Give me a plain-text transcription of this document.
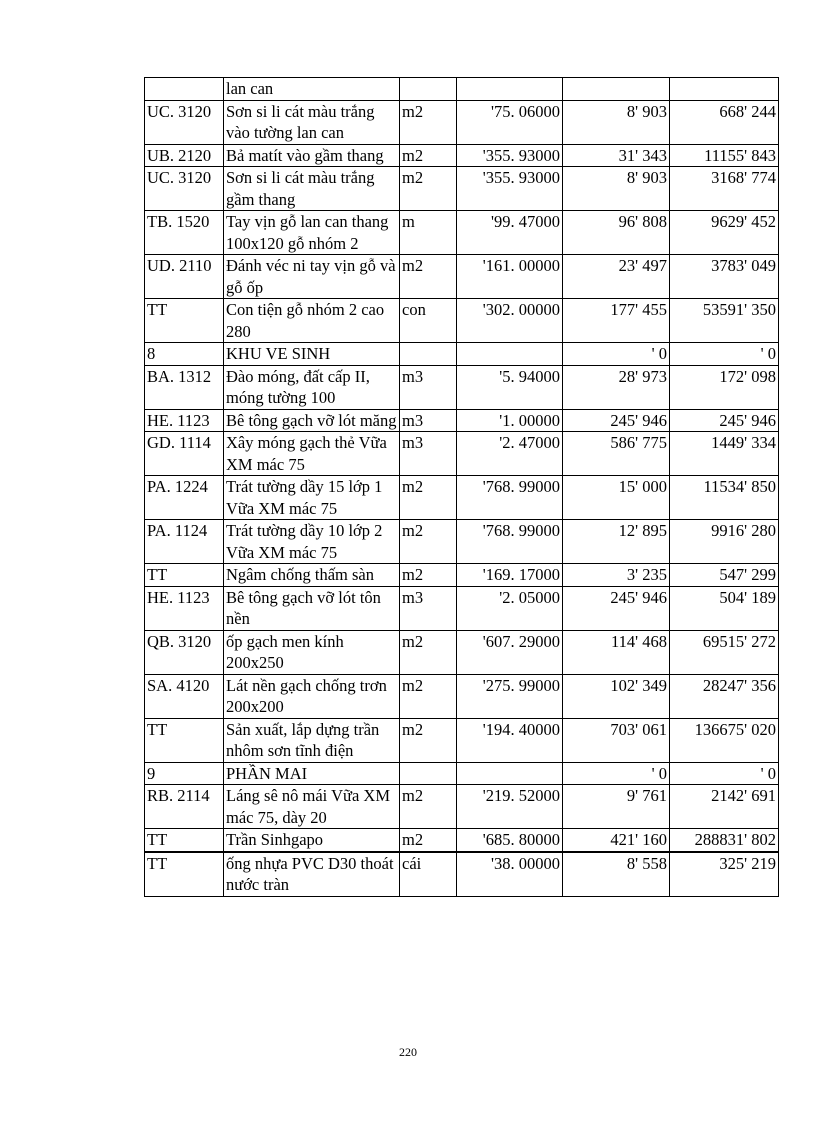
	lan can				
UC. 3120	Sơn si li cát màu trắng vào tường lan can	m2	'75. 06000	8' 903	668' 244
UB. 2120	Bả matít vào gầm thang	m2	'355. 93000	31' 343	11155' 843
UC. 3120	Sơn si li cát màu trắng gầm thang	m2	'355. 93000	8' 903	3168' 774
TB. 1520	Tay vịn gỗ lan can thang 100x120 gỗ nhóm 2	m	'99. 47000	96' 808	9629' 452
UD. 2110	Đánh véc ni tay vịn gỗ và gỗ ốp	m2	'161. 00000	23' 497	3783' 049
TT	Con tiện gỗ nhóm 2 cao 280	con	'302. 00000	177' 455	53591' 350
8	KHU VE SINH			' 0	' 0
BA. 1312	Đào móng, đất cấp II, móng tường 100	m3	'5. 94000	28' 973	172' 098
HE. 1123	Bê tông gạch vỡ lót măng	m3	'1. 00000	245' 946	245' 946
GD. 1114	Xây móng gạch thẻ Vữa XM mác 75	m3	'2. 47000	586' 775	1449' 334
PA. 1224	Trát tường dầy 15 lớp 1 Vữa XM mác 75	m2	'768. 99000	15' 000	11534' 850
PA. 1124	Trát tường dầy 10 lớp 2 Vữa XM mác 75	m2	'768. 99000	12' 895	9916' 280
TT	Ngâm chống thấm sàn	m2	'169. 17000	3' 235	547' 299
HE. 1123	Bê tông gạch vỡ lót tôn nền	m3	'2. 05000	245' 946	504' 189
QB. 3120	ốp gạch men kính 200x250	m2	'607. 29000	114' 468	69515' 272
SA. 4120	Lát nền gạch chống trơn 200x200	m2	'275. 99000	102' 349	28247' 356
TT	Sản xuất, lắp dựng trần nhôm sơn tĩnh điện	m2	'194. 40000	703' 061	136675' 020
9	PHẦN MAI			' 0	' 0
RB. 2114	Láng sê nô mái Vữa XM mác 75, dày 20	m2	'219. 52000	9' 761	2142' 691
TT	Trần Sinhgapo	m2	'685. 80000	421' 160	288831' 802
TT	ống nhựa PVC D30 thoát nước tràn	cái	'38. 00000	8' 558	325' 219
220
